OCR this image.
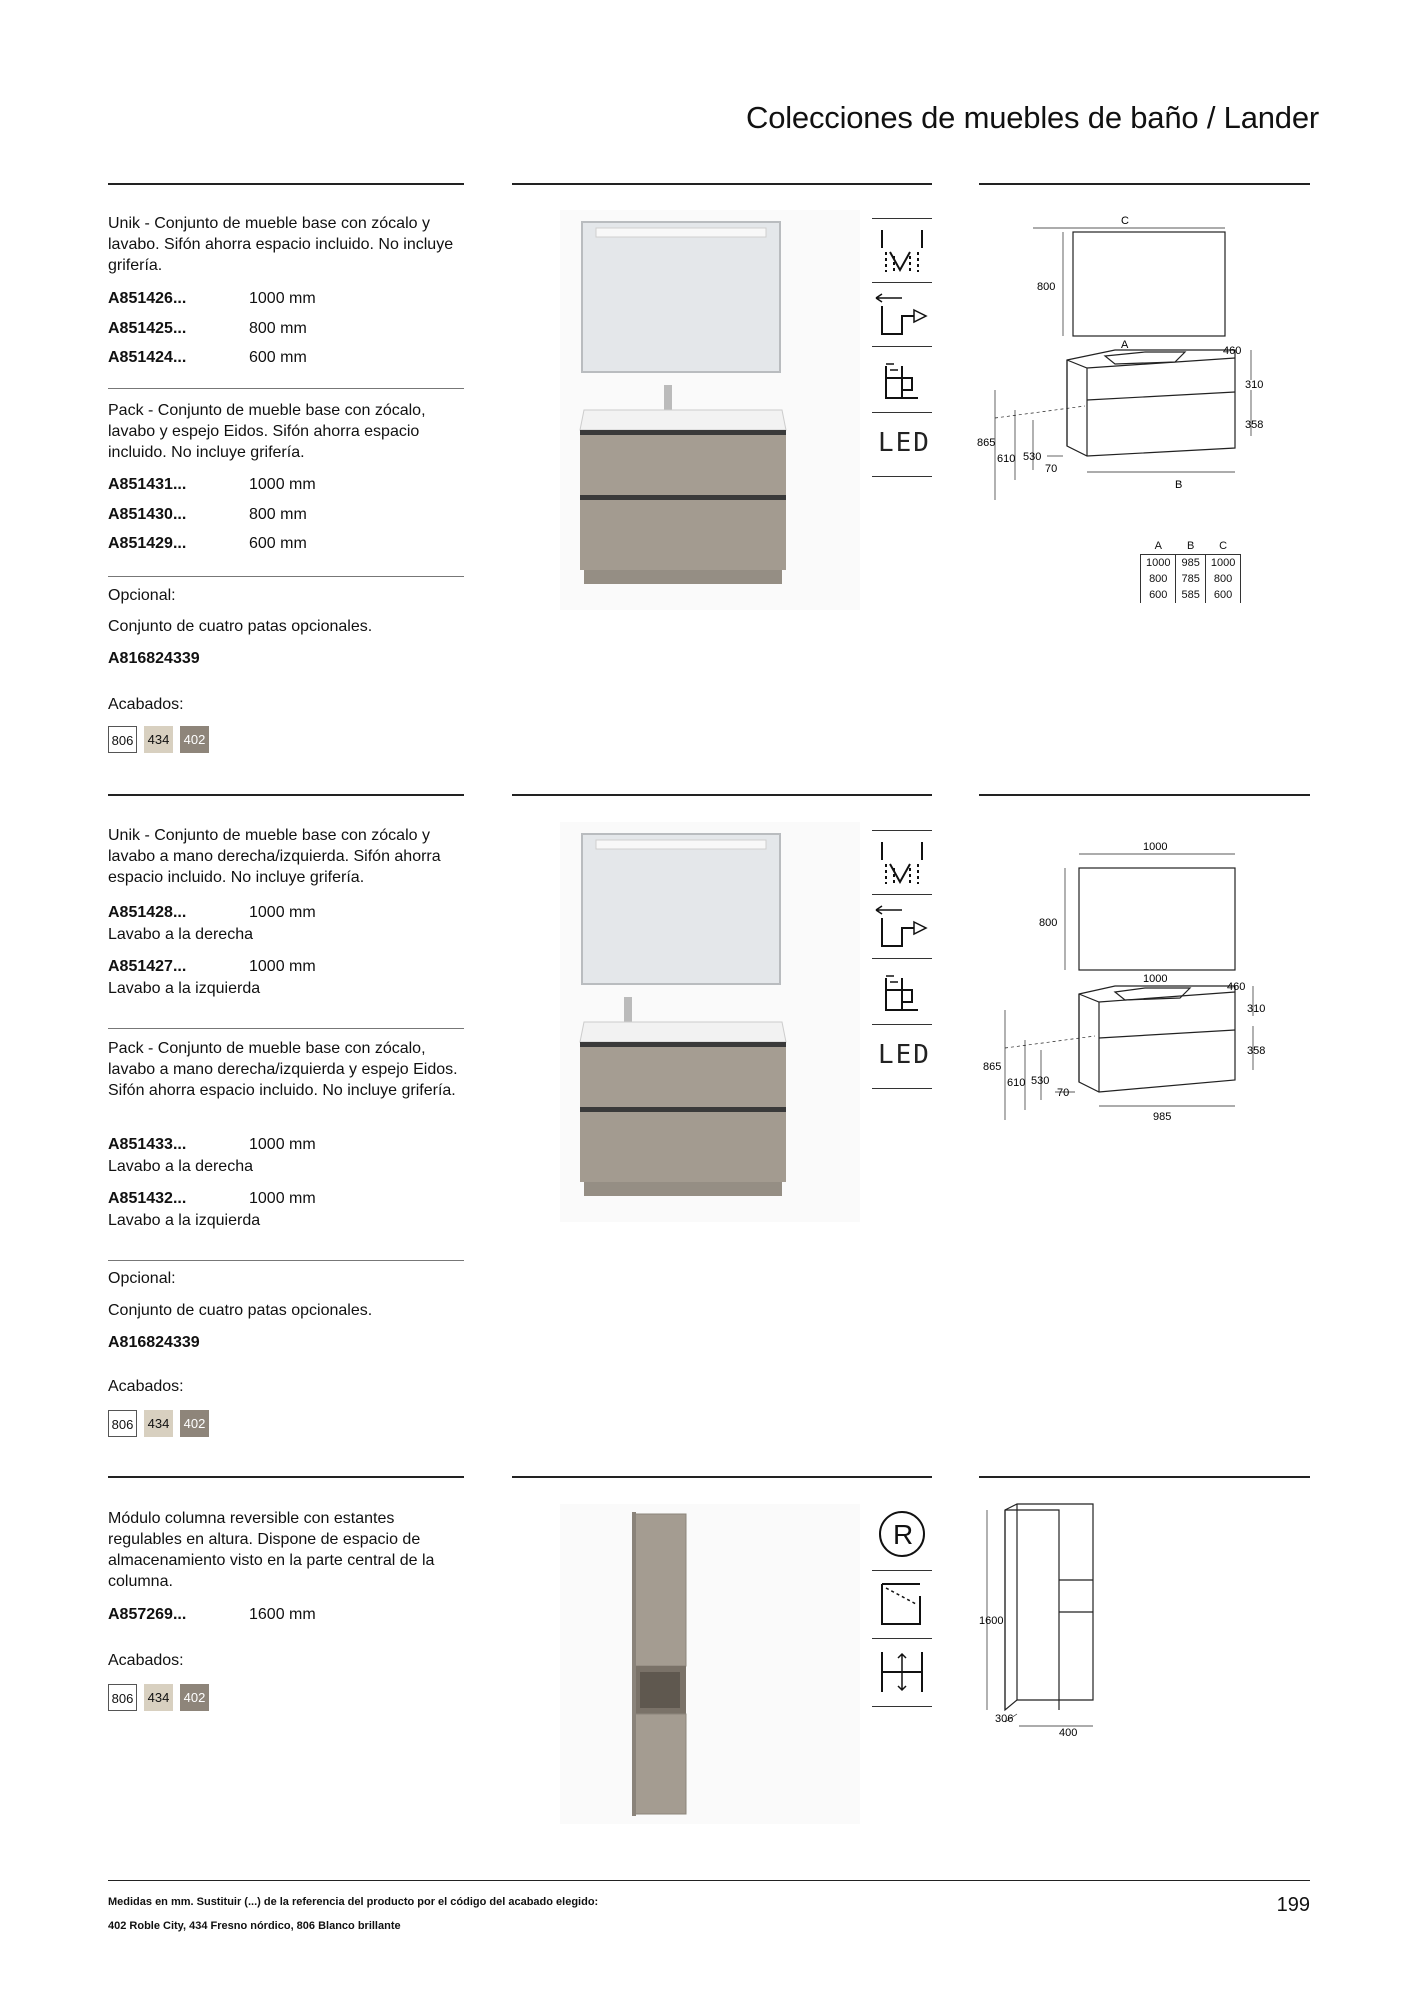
Colecciones de muebles de baño / Lander
Unik - Conjunto de mueble base con zócalo y lavabo. Sifón ahorra espacio incluido. No incluye grifería.
A851426...	1000 mm
A851425...	800 mm
A851424...	600 mm
Pack - Conjunto de mueble base con zócalo, lavabo y espejo Eidos. Sifón ahorra espacio incluido. No incluye grifería.
A851431...	1000 mm
A851430...	800 mm
A851429...	600 mm
Opcional:
Conjunto de cuatro patas opcionales.
A816824339
Acabados:
806 434 402
LED
C
800
A	460
310
358
865
610 530
70
B
A	B	C
1000	985	1000
800	785	800
600	585	600
Unik - Conjunto de mueble base con zócalo y lavabo a mano derecha/izquierda. Sifón ahorra espacio incluido. No incluye grifería.
A851428...	1000 mm
Lavabo a la derecha
A851427...	1000 mm
Lavabo a la izquierda
Pack - Conjunto de mueble base con zócalo, lavabo a mano derecha/izquierda y espejo Eidos. Sifón ahorra espacio incluido. No incluye grifería.
A851433...	1000 mm
Lavabo a la derecha
A851432...	1000 mm
Lavabo a la izquierda
Opcional:
Conjunto de cuatro patas opcionales.
A816824339
Acabados:
806 434 402
LED
1000
800
1000
460
310
358
865
610 530
70
985
Módulo columna reversible con estantes regulables en altura. Dispone de espacio de almacenamiento visto en la parte central de la columna.
A857269...	1600 mm
Acabados:
806 434 402
R
1600
306
400
Medidas en mm. Sustituir (...) de la referencia del producto por el código del acabado elegido:
402 Roble City, 434 Fresno nórdico, 806 Blanco brillante
199
